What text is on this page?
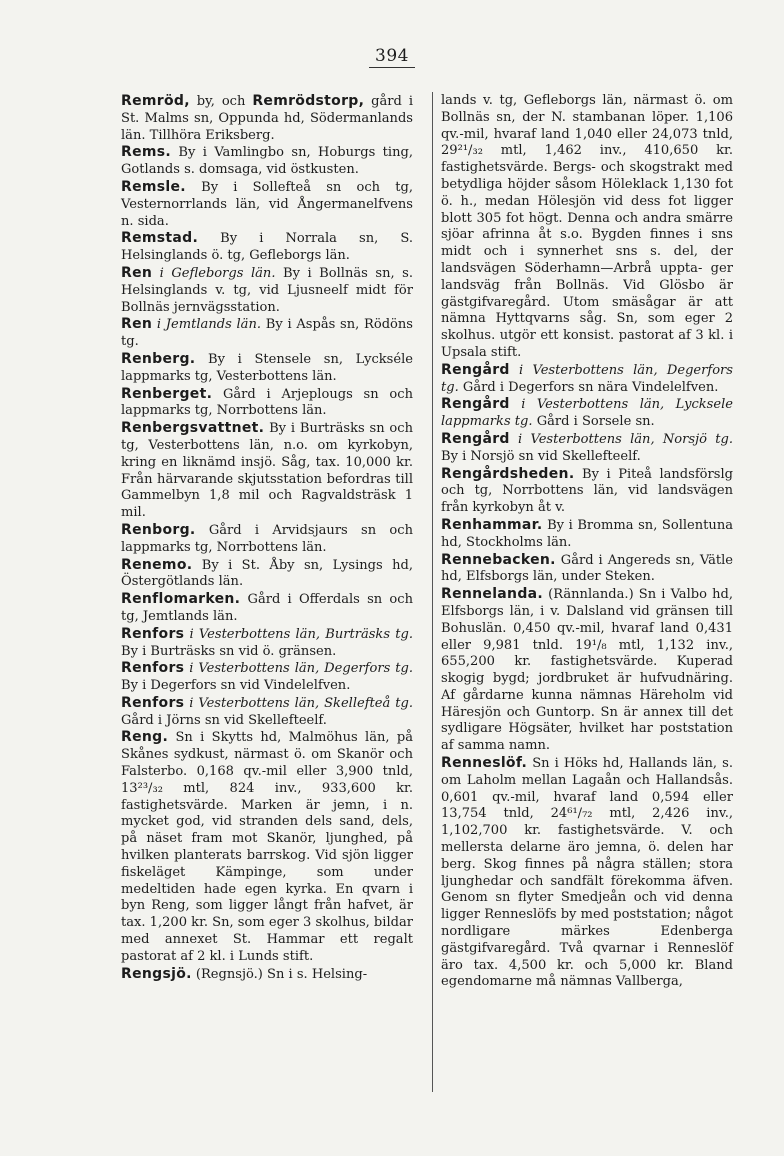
394

Remröd, by, och Remrödstorp, gård i St. Malms sn, Oppunda hd, Södermanlands län. Tillhöra Eriksberg.

Rems. By i Vamlingbo sn, Hoburgs ting, Gotlands s. domsaga, vid östkusten.

Remsle. By i Sollefteå sn och tg, Vesternorrlands län, vid Ångermanelfvens n. sida.

Remstad. By i Norrala sn, S. Helsinglands ö. tg, Gefleborgs län.

Ren i Gefleborgs län. By i Bollnäs sn, s. Helsinglands v. tg, vid Ljusneelf midt för Bollnäs jernvägsstation.

Ren i Jemtlands län. By i Aspås sn, Rödöns tg.

Renberg. By i Stensele sn, Lyckséle lappmarks tg, Vesterbottens län.

Renberget. Gård i Arjeplougs sn och lappmarks tg, Norrbottens län.

Renbergsvattnet. By i Burträsks sn och tg, Vesterbottens län, n.o. om kyrkobyn, kring en liknämd insjö. Såg, tax. 10,000 kr. Från härvarande skjutsstation befordras till Gammelbyn 1,8 mil och Ragvaldsträsk 1 mil.

Renborg. Gård i Arvidsjaurs sn och lappmarks tg, Norrbottens län.

Renemo. By i St. Åby sn, Lysings hd, Östergötlands län.

Renflomarken. Gård i Offerdals sn och tg, Jemtlands län.

Renfors i Vesterbottens län, Burträsks tg. By i Burträsks sn vid ö. gränsen.

Renfors i Vesterbottens län, Degerfors tg. By i Degerfors sn vid Vindelelfven.

Renfors i Vesterbottens län, Skellefteå tg. Gård i Jörns sn vid Skellefteelf.

Reng. Sn i Skytts hd, Malmöhus län, på Skånes sydkust, närmast ö. om Skanör och Falsterbo. 0,168 qv.-mil eller 3,900 tnld, 13²³/₃₂ mtl, 824 inv., 933,600 kr. fastighetsvärde. Marken är jemn, i n. mycket god, vid stranden dels sand, dels, på näset fram mot Skanör, ljunghed, på hvilken planterats barrskog. Vid sjön ligger fiskeläget Kämpinge, som under medeltiden hade egen kyrka. En qvarn i byn Reng, som ligger långt från hafvet, är tax. 1,200 kr. Sn, som eger 3 skolhus, bildar med annexet St. Hammar ett regalt pastorat af 2 kl. i Lunds stift.

Rengsjö. (Regnsjö.) Sn i s. Helsing-

lands v. tg, Gefleborgs län, närmast ö. om Bollnäs sn, der N. stambanan löper. 1,106 qv.-mil, hvaraf land 1,040 eller 24,073 tnld, 29²¹/₃₂ mtl, 1,462 inv., 410,650 kr. fastighetsvärde. Bergs- och skogstrakt med betydliga höjder såsom Höleklack 1,130 fot ö. h., medan Hölesjön vid dess fot ligger blott 305 fot högt. Denna och andra smärre sjöar afrinna åt s.o. Bygden finnes i sns midt och i synnerhet sns s. del, der landsvägen Söderhamn—Arbrå uppta- ger landsväg från Bollnäs. Vid Glösbo är gästgifvaregård. Utom smäsågar är att nämna Hyttqvarns såg. Sn, som eger 2 skolhus. utgör ett konsist. pastorat af 3 kl. i Upsala stift.

Rengård i Vesterbottens län, Degerfors tg. Gård i Degerfors sn nära Vindelelfven.

Rengård i Vesterbottens län, Lycksele lappmarks tg. Gård i Sorsele sn.

Rengård i Vesterbottens län, Norsjö tg. By i Norsjö sn vid Skellefteelf.

Rengårdsheden. By i Piteå landsförslg och tg, Norrbottens län, vid landsvägen från kyrkobyn åt v.

Renhammar. By i Bromma sn, Sollentuna hd, Stockholms län.

Rennebacken. Gård i Angereds sn, Vätle hd, Elfsborgs län, under Steken.

Rennelanda. (Rännlanda.) Sn i Valbo hd, Elfsborgs län, i v. Dalsland vid gränsen till Bohuslän. 0,450 qv.-mil, hvaraf land 0,431 eller 9,981 tnld. 19¹/₈ mtl, 1,132 inv., 655,200 kr. fastighetsvärde. Kuperad skogig bygd; jordbruket är hufvudnäring. Af gårdarne kunna nämnas Häreholm vid Häresjön och Guntorp. Sn är annex till det sydligare Högsäter, hvilket har poststation af samma namn.

Renneslöf. Sn i Höks hd, Hallands län, s. om Laholm mellan Lagaån och Hallandsås. 0,601 qv.-mil, hvaraf land 0,594 eller 13,754 tnld, 24⁶¹/₇₂ mtl, 2,426 inv., 1,102,700 kr. fastighetsvärde. V. och mellersta delarne äro jemna, ö. delen har berg. Skog finnes på några ställen; stora ljunghedar och sandfält förekomma äfven. Genom sn flyter Smedjeån och vid denna ligger Renneslöfs by med poststation; något nordligare märkes Edenberga gästgifvaregård. Två qvarnar i Renneslöf äro tax. 4,500 kr. och 5,000 kr. Bland egendomarne må nämnas Vallberga,
